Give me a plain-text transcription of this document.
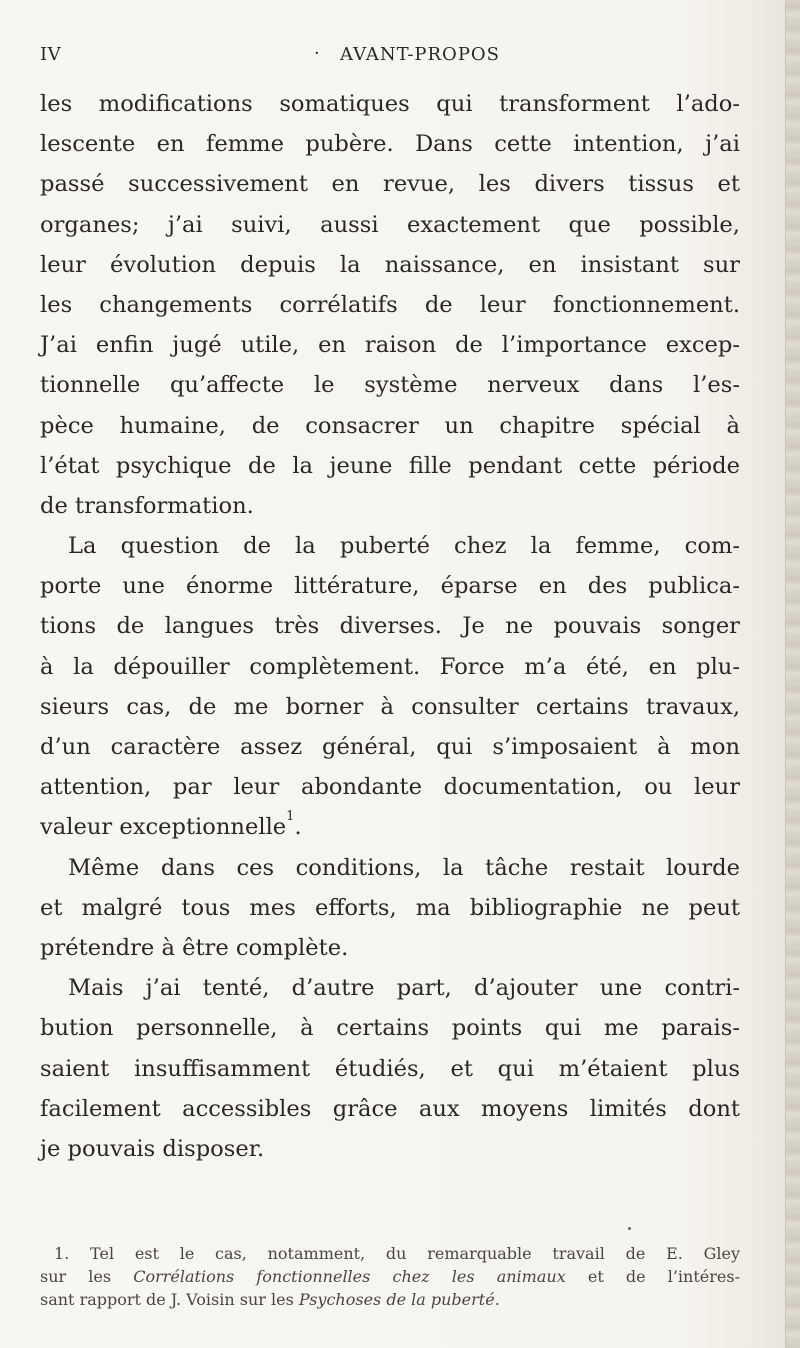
IV	· AVANT-PROPOS
les modifications somatiques qui transforment l’ado-
lescente en femme pubère. Dans cette intention, j’ai
passé successivement en revue, les divers tissus et
organes; j’ai suivi, aussi exactement que possible,
leur évolution depuis la naissance, en insistant sur
les changements corrélatifs de leur fonctionnement.
J’ai enfin jugé utile, en raison de l’importance excep-
tionnelle qu’affecte le système nerveux dans l’es-
pèce humaine, de consacrer un chapitre spécial à
l’état psychique de la jeune fille pendant cette période
de transformation.
La question de la puberté chez la femme, com-
porte une énorme littérature, éparse en des publica-
tions de langues très diverses. Je ne pouvais songer
à la dépouiller complètement. Force m’a été, en plu-
sieurs cas, de me borner à consulter certains travaux,
d’un caractère assez général, qui s’imposaient à mon
attention, par leur abondante documentation, ou leur
valeur exceptionnelle$^1$.
Même dans ces conditions, la tâche restait lourde
et malgré tous mes efforts, ma bibliographie ne peut
prétendre à être complète.
Mais j’ai tenté, d’autre part, d’ajouter une contri-
bution personnelle, à certains points qui me parais-
saient insuffisamment étudiés, et qui m’étaient plus
facilement accessibles grâce aux moyens limités dont
je pouvais disposer.
1. Tel est le cas, notamment, du remarquable travail de E. Gley
sur les Corrélations fonctionnelles chez les animaux et de l’intéres-
sant rapport de J. Voisin sur les Psychoses de la puberté.
